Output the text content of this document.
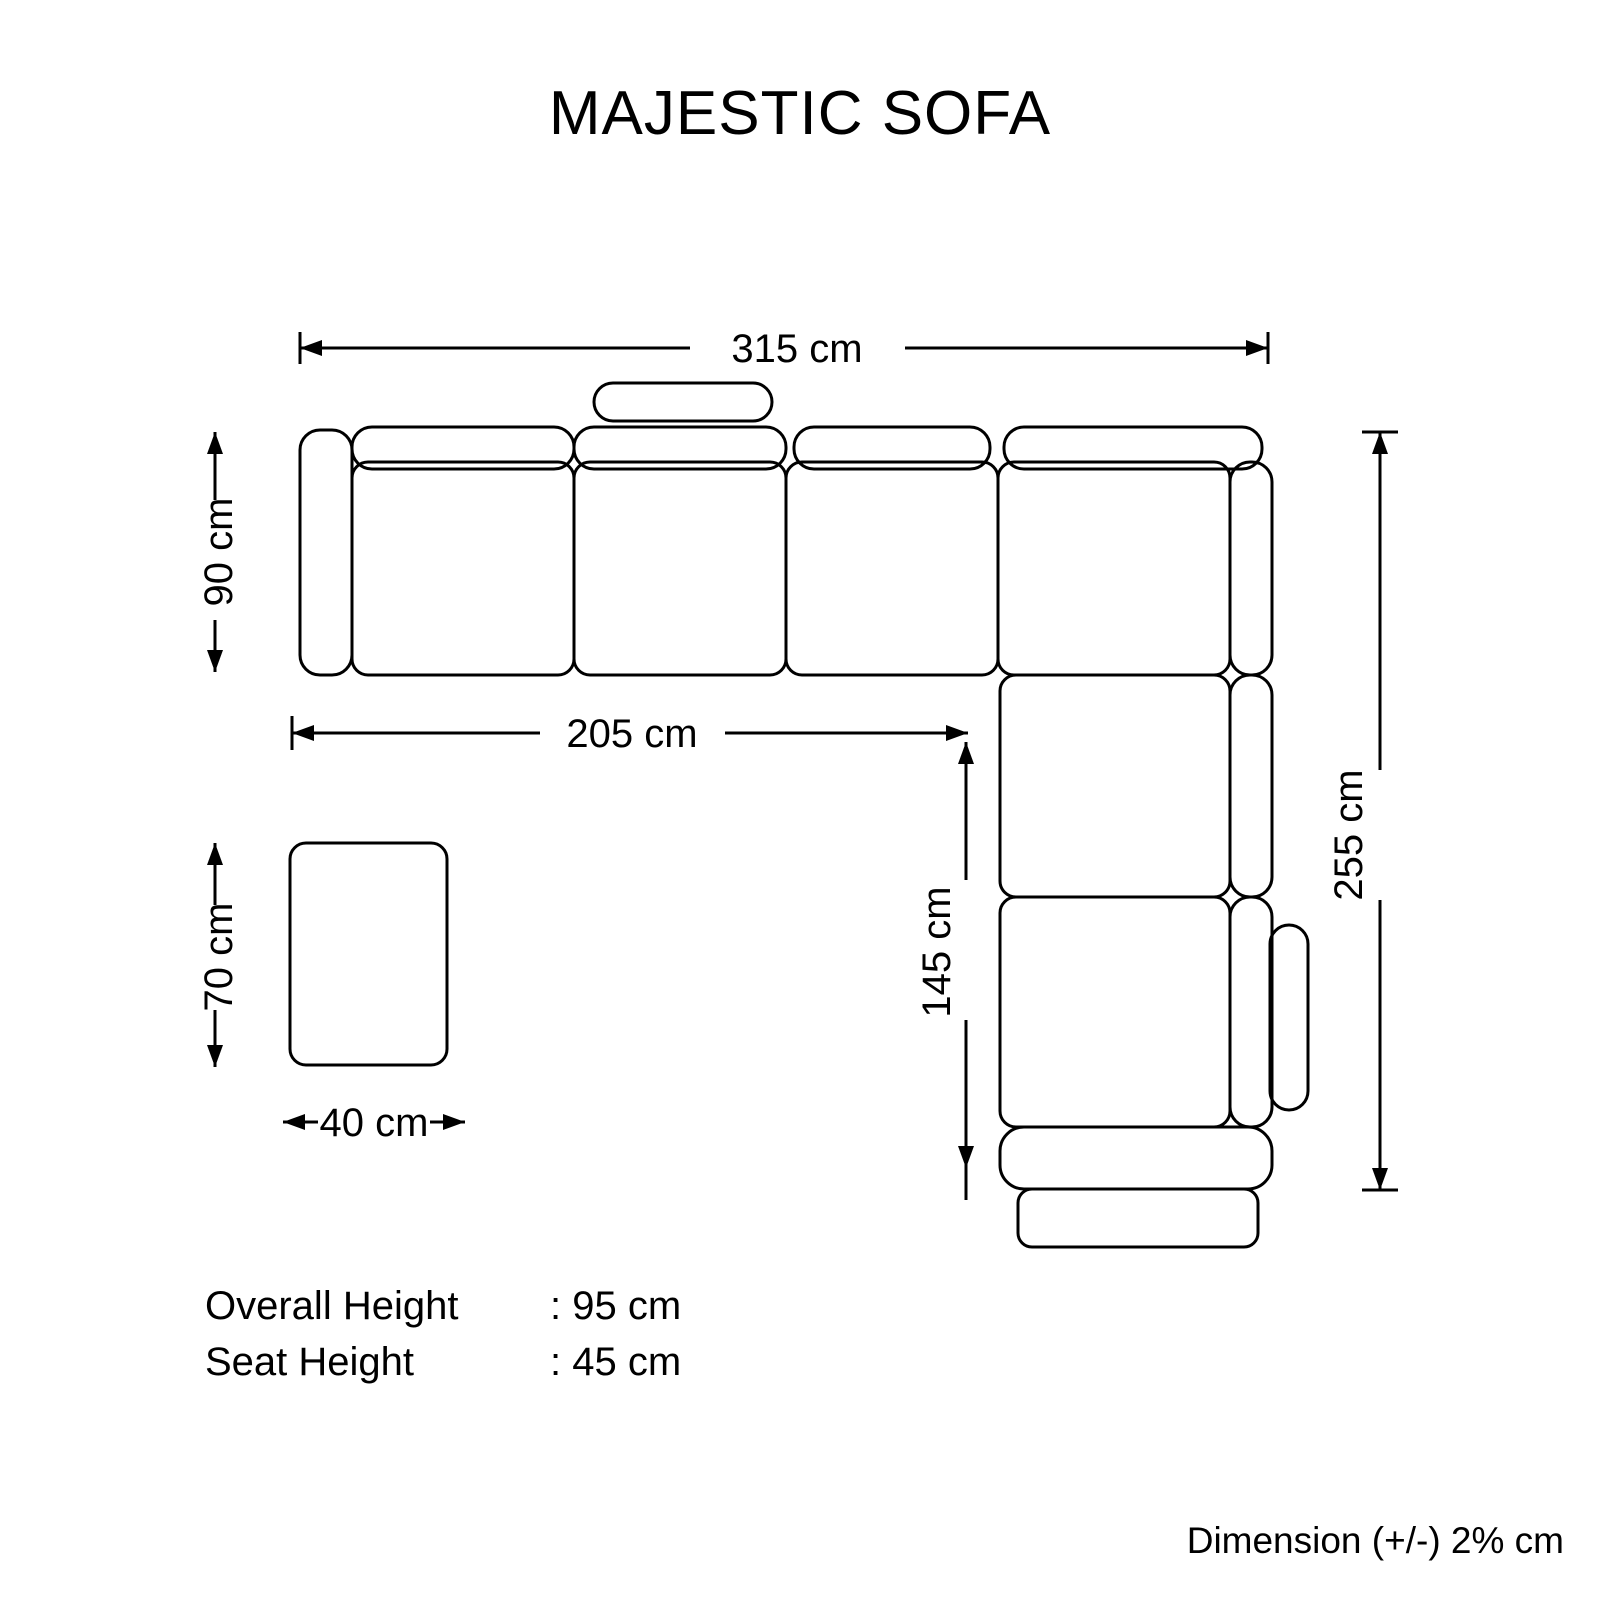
MAJESTIC SOFA
315 cm
90 cm
205 cm
255 cm
145 cm
70 cm
40 cm
Overall Height	: 95 cm
Seat Height	: 45 cm
Dimension (+/-) 2% cm
